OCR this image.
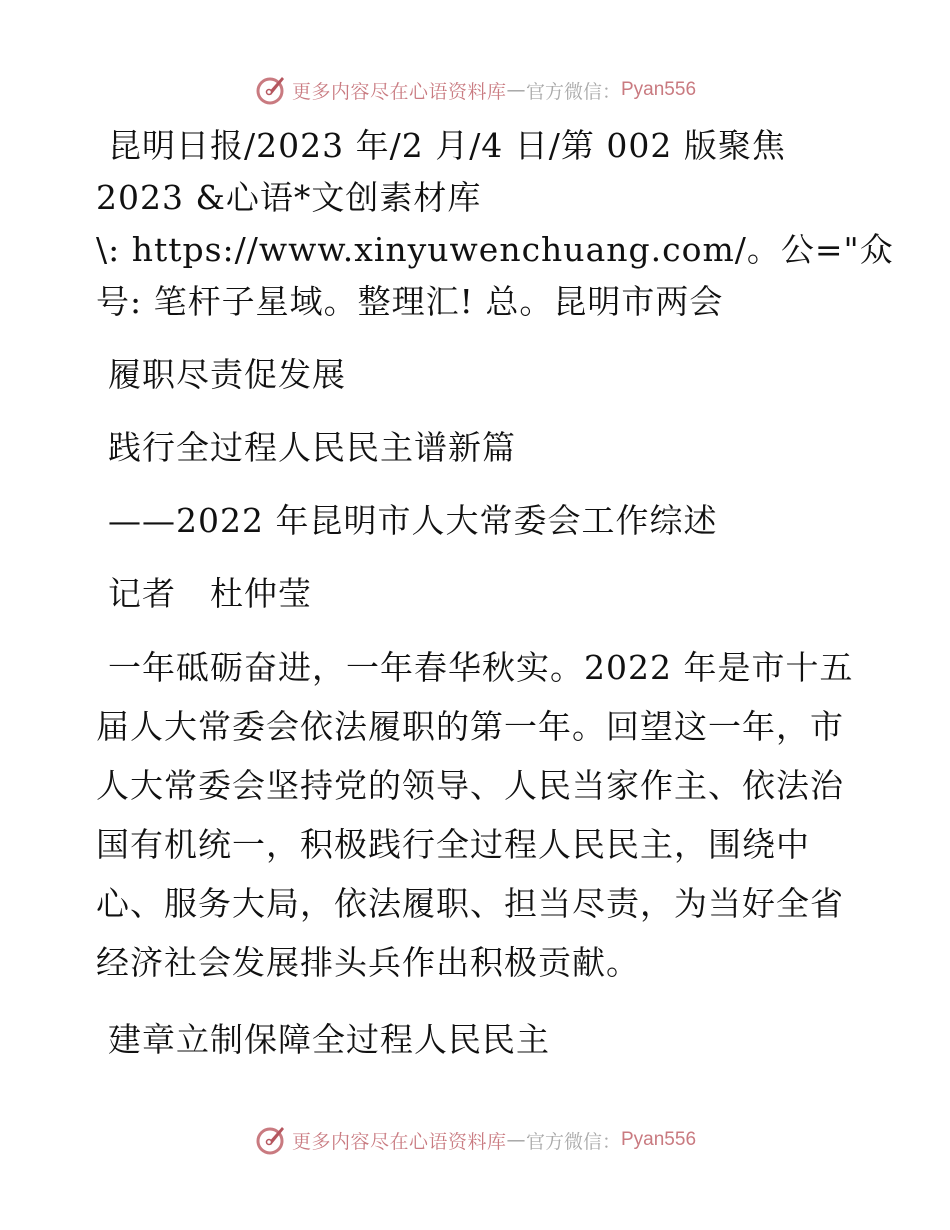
更多内容尽在心语资料库 — 官方微信： Pyan556
昆明日报/2023 年/2 月/4 日/第 002 版聚焦
2023 &心语*文创素材库
\: https://www.xinyuwenchuang.com/。公="众
号: 笔杆子星域。整理汇! 总。昆明市两会
履职尽责促发展
践行全过程人民民主谱新篇
——2022 年昆明市人大常委会工作综述
记者　杜仲莹
一年砥砺奋进，一年春华秋实。2022 年是市十五
届人大常委会依法履职的第一年。回望这一年，市
人大常委会坚持党的领导、人民当家作主、依法治
国有机统一，积极践行全过程人民民主，围绕中
心、服务大局，依法履职、担当尽责，为当好全省
经济社会发展排头兵作出积极贡献。
建章立制保障全过程人民民主
更多内容尽在心语资料库 — 官方微信： Pyan556
